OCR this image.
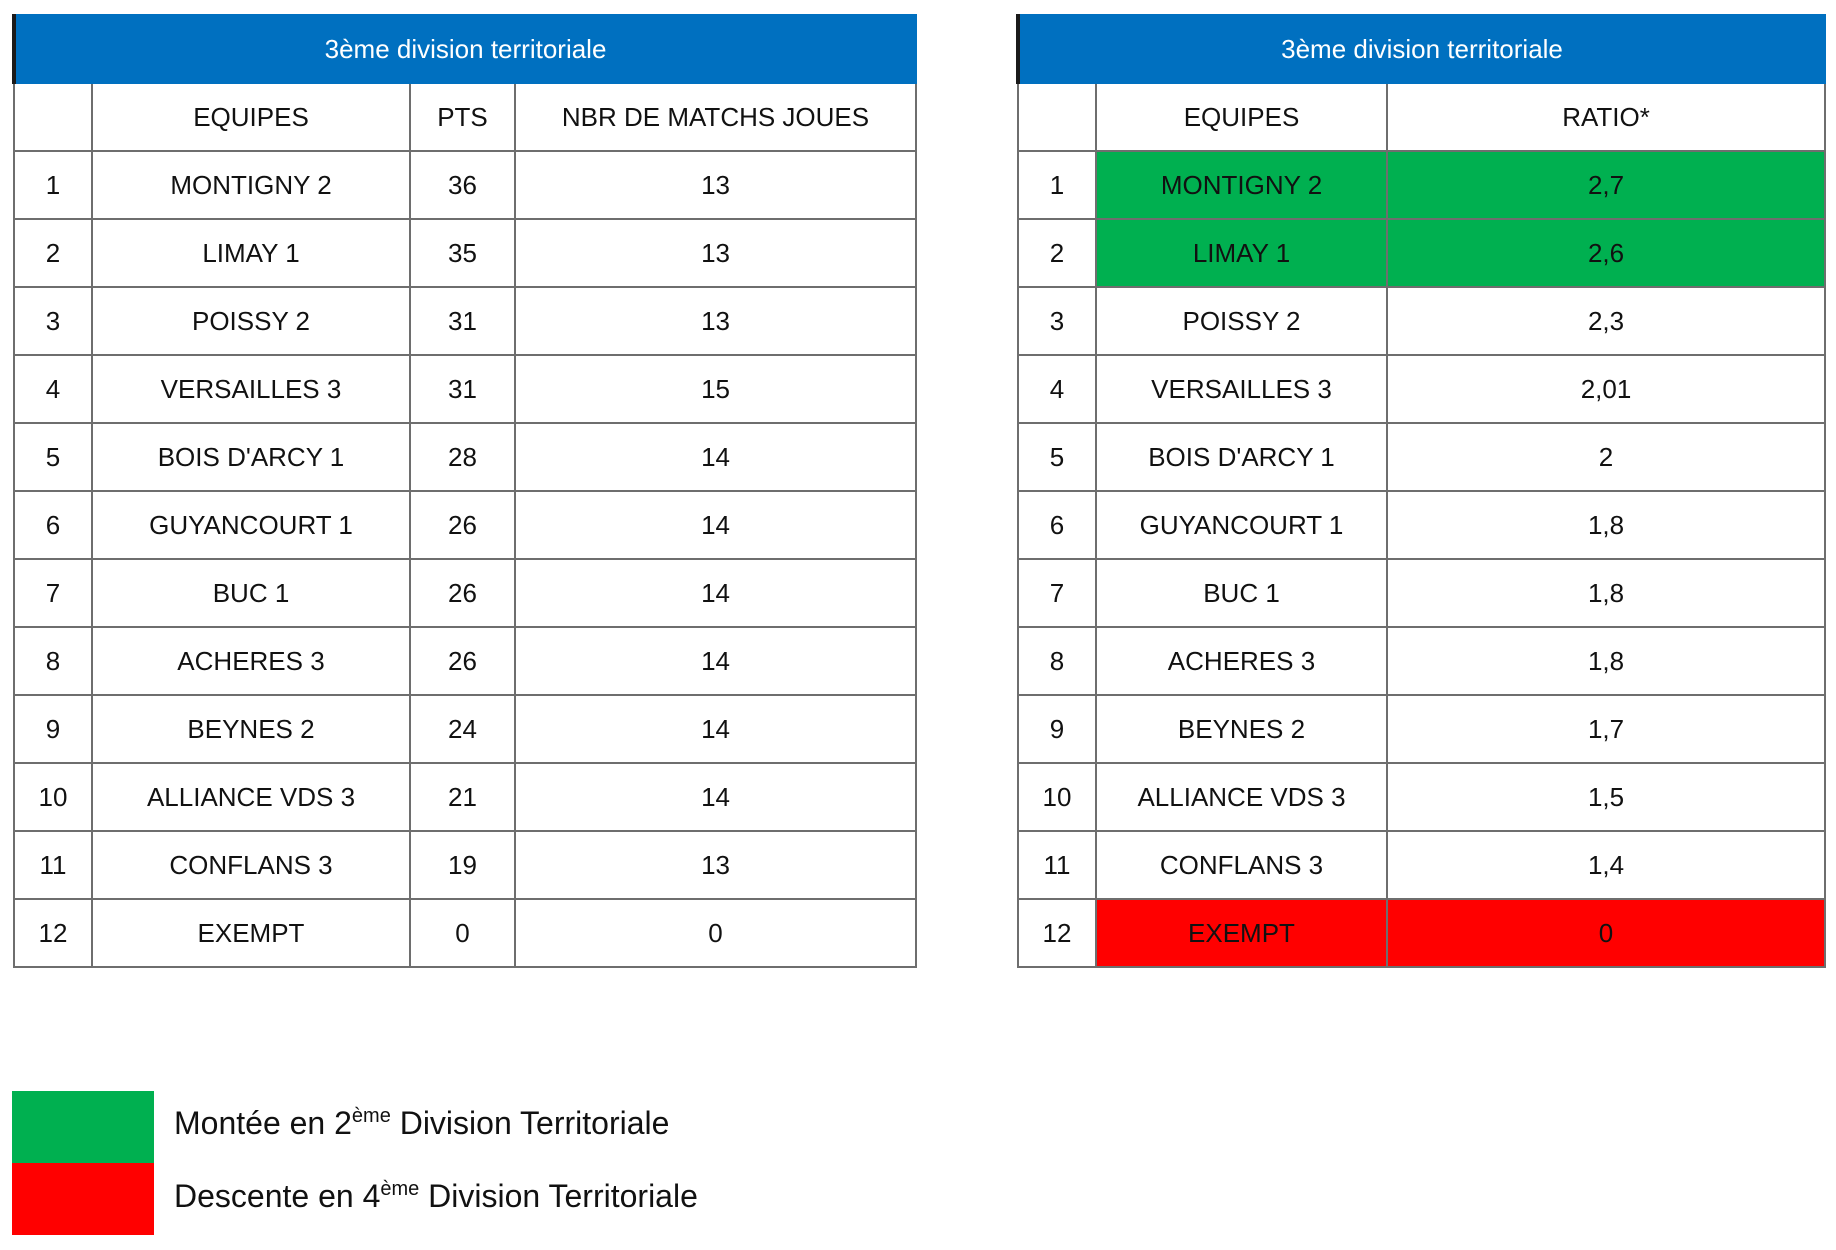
3ème division territoriale			
	EQUIPES	PTS	NBR DE MATCHS JOUES
1	MONTIGNY 2	36	13
2	LIMAY 1	35	13
3	POISSY 2	31	13
4	VERSAILLES 3	31	15
5	BOIS D'ARCY 1	28	14
6	GUYANCOURT 1	26	14
7	BUC 1	26	14
8	ACHERES 3	26	14
9	BEYNES 2	24	14
10	ALLIANCE VDS 3	21	14
11	CONFLANS 3	19	13
12	EXEMPT	0	0
3ème division territoriale		
	EQUIPES	RATIO*
1	MONTIGNY 2	2,7
2	LIMAY 1	2,6
3	POISSY 2	2,3
4	VERSAILLES 3	2,01
5	BOIS D'ARCY 1	2
6	GUYANCOURT 1	1,8
7	BUC 1	1,8
8	ACHERES 3	1,8
9	BEYNES 2	1,7
10	ALLIANCE VDS 3	1,5
11	CONFLANS 3	1,4
12	EXEMPT	0
Montée en 2ème Division Territoriale
Descente en 4ème Division Territoriale
